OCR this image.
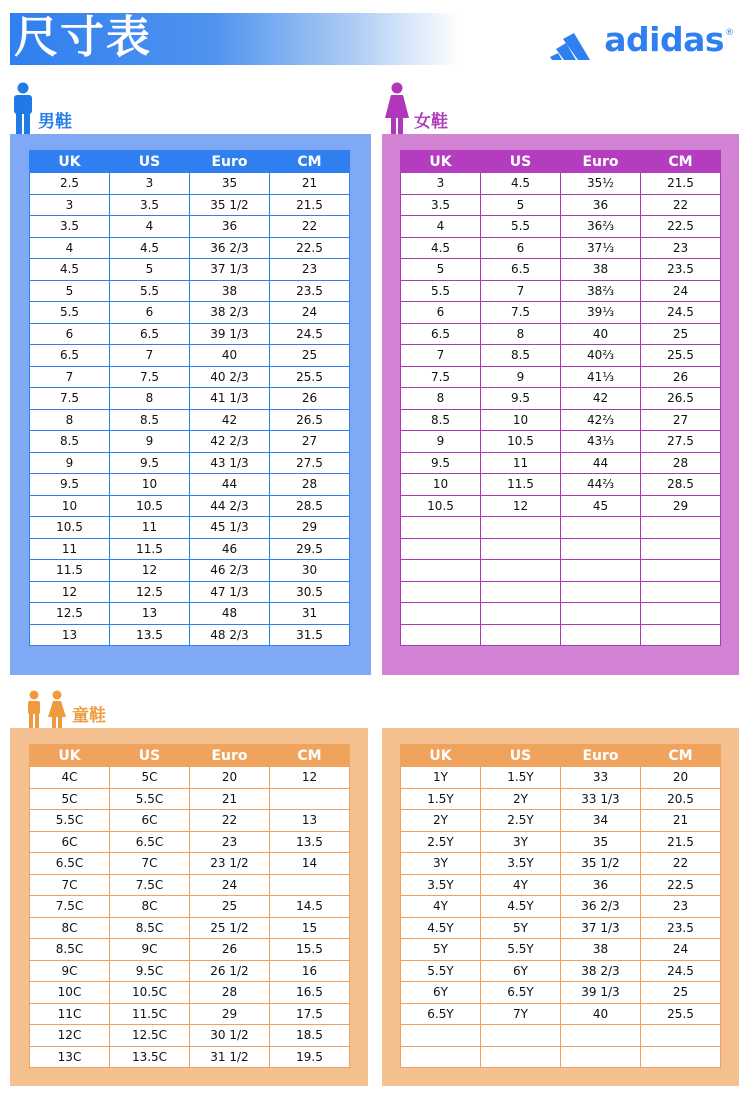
尺寸表	adidas ®
男鞋	女鞋
童鞋
UK	US	Euro	CM
2.5	3	35	21
3	3.5	35 1/2	21.5
3.5	4	36	22
4	4.5	36 2/3	22.5
4.5	5	37 1/3	23
5	5.5	38	23.5
5.5	6	38 2/3	24
6	6.5	39 1/3	24.5
6.5	7	40	25
7	7.5	40 2/3	25.5
7.5	8	41 1/3	26
8	8.5	42	26.5
8.5	9	42 2/3	27
9	9.5	43 1/3	27.5
9.5	10	44	28
10	10.5	44 2/3	28.5
10.5	11	45 1/3	29
11	11.5	46	29.5
11.5	12	46 2/3	30
12	12.5	47 1/3	30.5
12.5	13	48	31
13	13.5	48 2/3	31.5
UK	US	Euro	CM
3	4.5	35½	21.5
3.5	5	36	22
4	5.5	36⅔	22.5
4.5	6	37⅓	23
5	6.5	38	23.5
5.5	7	38⅔	24
6	7.5	39⅓	24.5
6.5	8	40	25
7	8.5	40⅔	25.5
7.5	9	41⅓	26
8	9.5	42	26.5
8.5	10	42⅔	27
9	10.5	43⅓	27.5
9.5	11	44	28
10	11.5	44⅔	28.5
10.5	12	45	29

UK	US	Euro	CM
4C	5C	20	12
5C	5.5C	21	
5.5C	6C	22	13
6C	6.5C	23	13.5
6.5C	7C	23 1/2	14
7C	7.5C	24	
7.5C	8C	25	14.5
8C	8.5C	25 1/2	15
8.5C	9C	26	15.5
9C	9.5C	26 1/2	16
10C	10.5C	28	16.5
11C	11.5C	29	17.5
12C	12.5C	30 1/2	18.5
13C	13.5C	31 1/2	19.5
UK	US	Euro	CM
1Y	1.5Y	33	20
1.5Y	2Y	33 1/3	20.5
2Y	2.5Y	34	21
2.5Y	3Y	35	21.5
3Y	3.5Y	35 1/2	22
3.5Y	4Y	36	22.5
4Y	4.5Y	36 2/3	23
4.5Y	5Y	37 1/3	23.5
5Y	5.5Y	38	24
5.5Y	6Y	38 2/3	24.5
6Y	6.5Y	39 1/3	25
6.5Y	7Y	40	25.5
